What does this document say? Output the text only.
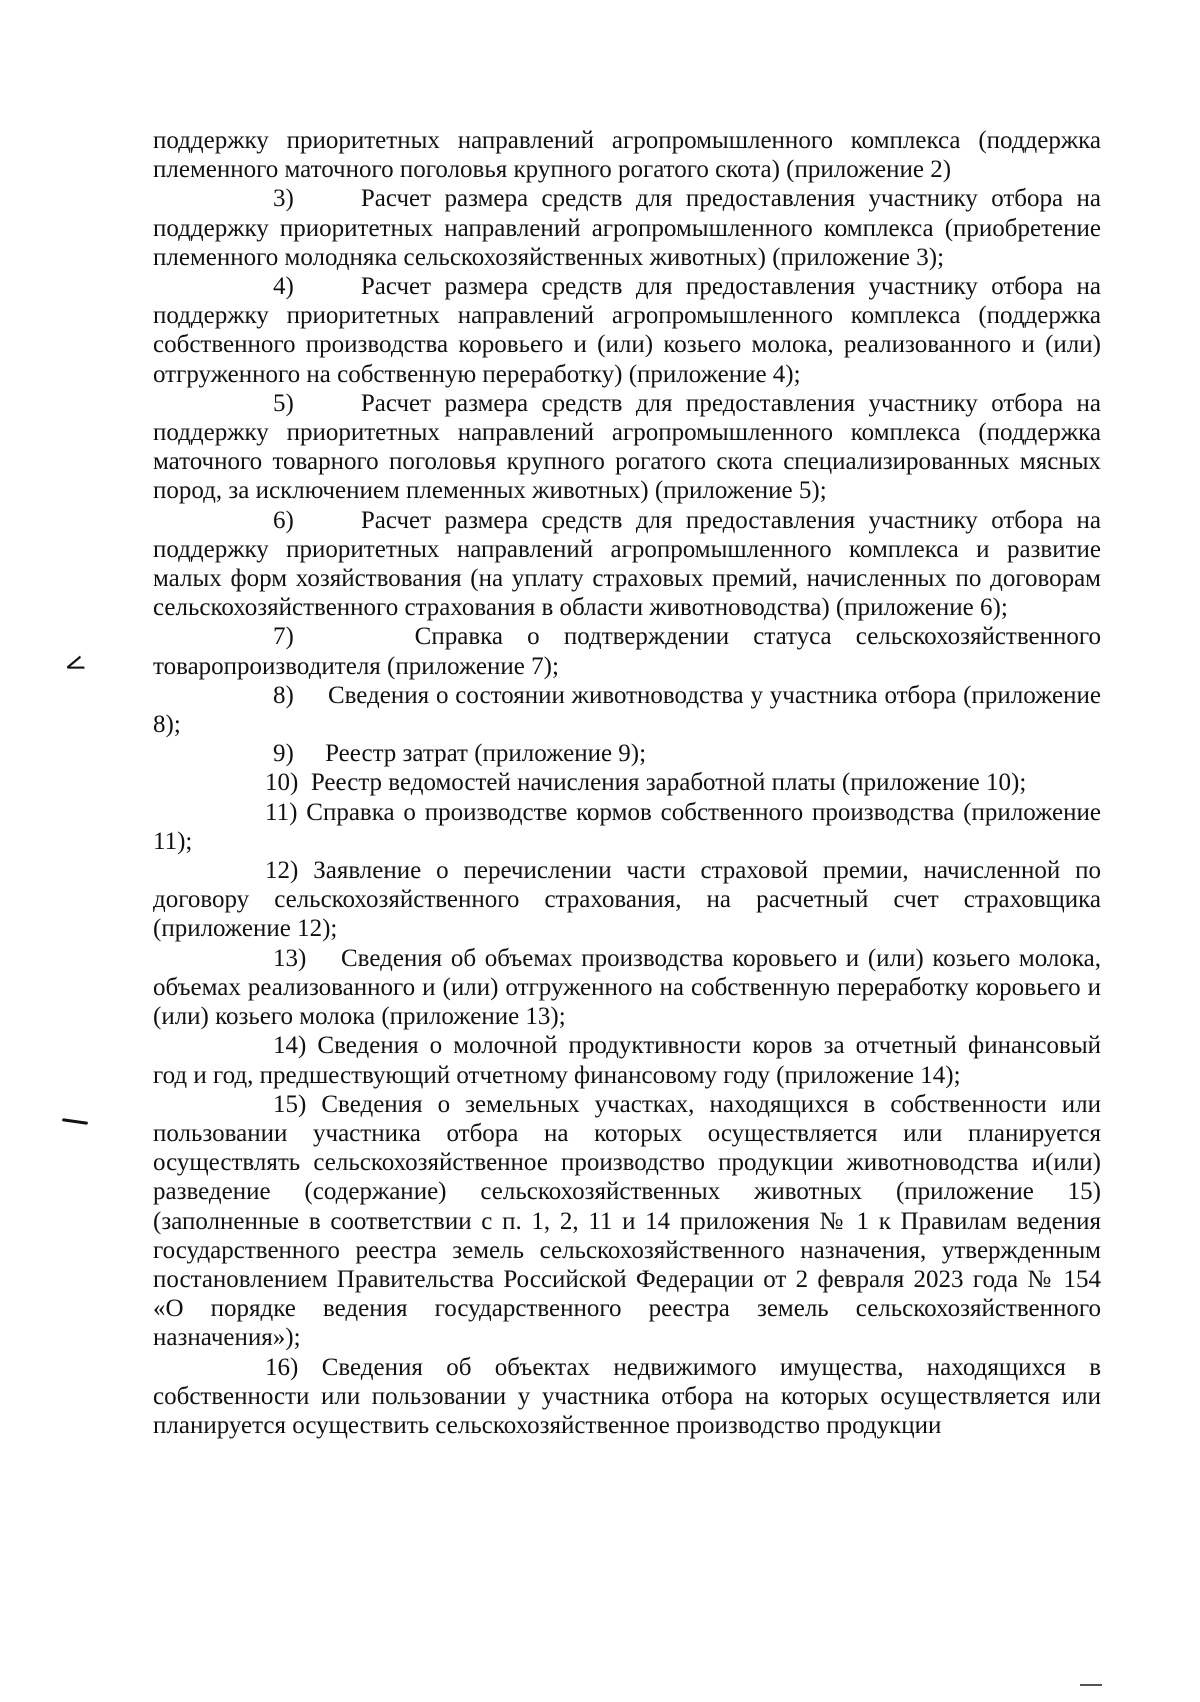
<

поддержку приоритетных направлений агропромышленного комплекса (поддержка племенного маточного поголовья крупного рогатого скота) (приложение 2)

3)	Расчет размера средств для предоставления участнику отбора на поддержку приоритетных направлений агропромышленного комплекса (приобретение племенного молодняка сельскохозяйственных животных) (приложение 3);

4)	Расчет размера средств для предоставления участнику отбора на поддержку приоритетных направлений агропромышленного комплекса (поддержка собственного производства коровьего и (или) козьего молока, реализованного и (или) отгруженного на собственную переработку) (приложение 4);

5)	Расчет размера средств для предоставления участнику отбора на поддержку приоритетных направлений агропромышленного комплекса (поддержка маточного товарного поголовья крупного рогатого скота специализированных мясных пород, за исключением племенных животных) (приложение 5);

6)	Расчет размера средств для предоставления участнику отбора на поддержку приоритетных направлений агропромышленного комплекса и развитие малых форм хозяйствования (на уплату страховых премий, начисленных по договорам сельскохозяйственного страхования в области животноводства) (приложение 6);

7)	Справка о подтверждении статуса сельскохозяйственного товаропроизводителя (приложение 7);

8) Сведения о состоянии животноводства у участника отбора (приложение 8);

9) Реестр затрат (приложение 9);

10) Реестр ведомостей начисления заработной платы (приложение 10);

11) Справка о производстве кормов собственного производства (приложение 11);

12) Заявление о перечислении части страховой премии, начисленной по договору сельскохозяйственного страхования, на расчетный счет страховщика (приложение 12);

13) Сведения об объемах производства коровьего и (или) козьего молока, объемах реализованного и (или) отгруженного на собственную переработку коровьего и (или) козьего молока (приложение 13);

14) Сведения о молочной продуктивности коров за отчетный финансовый год и год, предшествующий отчетному финансовому году (приложение 14);

15) Сведения о земельных участках, находящихся в собственности или пользовании участника отбора на которых осуществляется или планируется осуществлять сельскохозяйственное производство продукции животноводства и(или) разведение (содержание) сельскохозяйственных животных (приложение 15) (заполненные в соответствии с п. 1, 2, 11 и 14 приложения № 1 к Правилам ведения государственного реестра земель сельскохозяйственного назначения, утвержденным постановлением Правительства Российской Федерации от 2 февраля 2023 года № 154 «О порядке ведения государственного реестра земель сельскохозяйственного назначения»);

16) Сведения об объектах недвижимого имущества, находящихся в собственности или пользовании у участника отбора на которых осуществляется или планируется осуществить сельскохозяйственное производство продукции
